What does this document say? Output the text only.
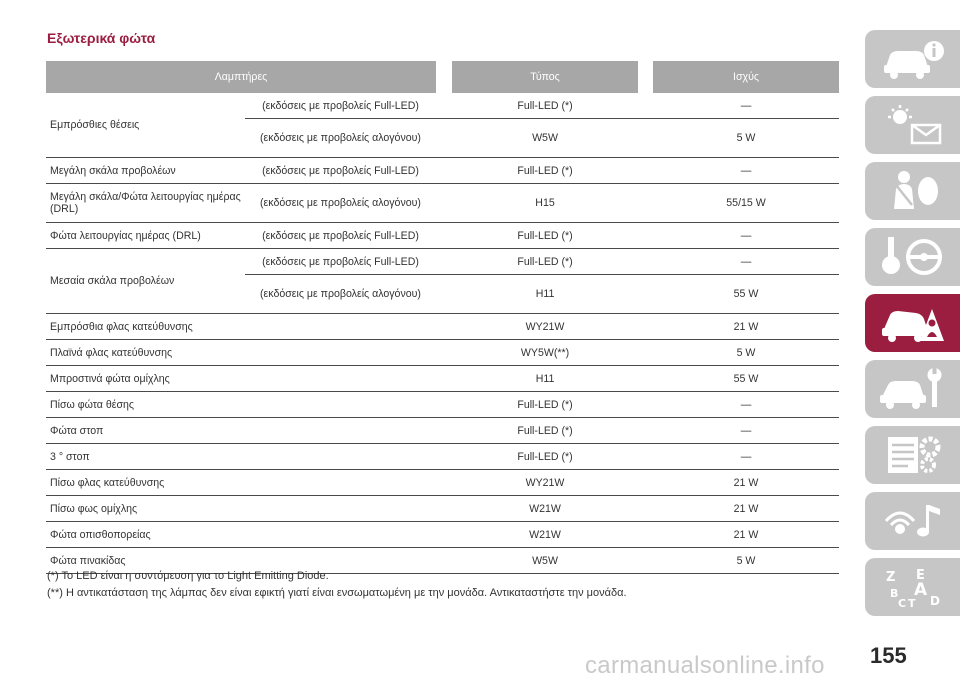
Εξωτερικά φώτα
Λαμπτήρες			Τύπος		Ισχύς
Εμπρόσθιες θέσεις	(εκδόσεις με προβολείς Full-LED)		Full-LED (*)		—
	(εκδόσεις με προβολείς αλογόνου)		W5W		5 W
Μεγάλη σκάλα προβολέων	(εκδόσεις με προβολείς Full-LED)		Full-LED (*)		—
Μεγάλη σκάλα/Φώτα λειτουργίας ημέρας (DRL)	(εκδόσεις με προβολείς αλογόνου)		H15		55/15 W
Φώτα λειτουργίας ημέρας (DRL)	(εκδόσεις με προβολείς Full-LED)		Full-LED (*)		—
Μεσαία σκάλα προβολέων	(εκδόσεις με προβολείς Full-LED)		Full-LED (*)		—
	(εκδόσεις με προβολείς αλογόνου)		H11		55 W
Εμπρόσθια φλας κατεύθυνσης			WY21W		21 W
Πλαϊνά φλας κατεύθυνσης			WY5W(**)		5 W
Μπροστινά φώτα ομίχλης			H11		55 W
Πίσω φώτα θέσης			Full-LED (*)		—
Φώτα στοπ			Full-LED (*)		—
3 ° στοπ			Full-LED (*)		—
Πίσω φλας κατεύθυνσης			WY21W		21 W
Πίσω φως ομίχλης			W21W		21 W
Φώτα οπισθοπορείας			W21W		21 W
Φώτα πινακίδας			W5W		5 W
(*) Το LED είναι η συντόμευση για το Light Emitting Diode.
(**) Η αντικατάσταση της λάμπας δεν είναι εφικτή γιατί είναι ενσωματωμένη με την μονάδα. Αντικαταστήστε την μονάδα.
Z E
B A
C T D
155
carmanualsonline.info
